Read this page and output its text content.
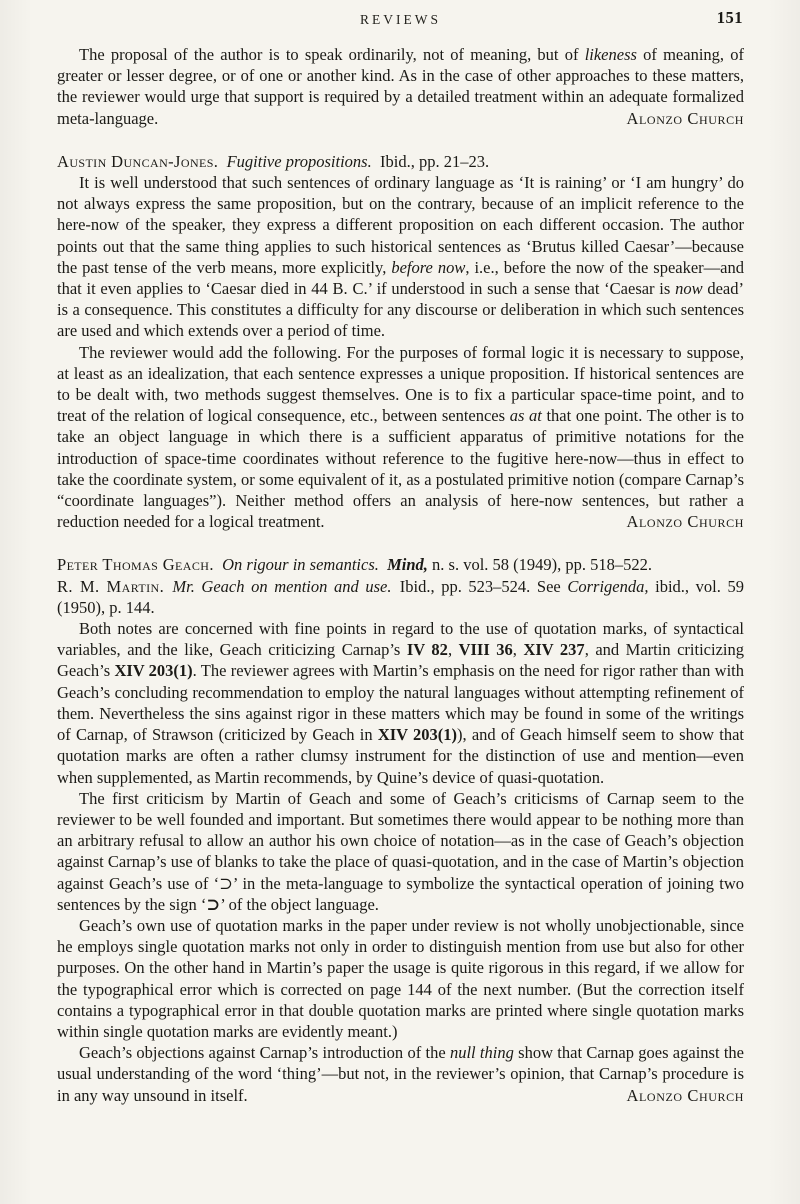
REVIEWS	151

The proposal of the author is to speak ordinarily, not of meaning, but of likeness of meaning, of greater or lesser degree, or of one or another kind. As in the case of other approaches to these matters, the reviewer would urge that support is required by a detailed treatment within an adequate formalized meta-language.	Alonzo Church

Austin Duncan-Jones.  Fugitive propositions. Ibid., pp. 21–23.

It is well understood that such sentences of ordinary language as ‘It is raining’ or ‘I am hungry’ do not always express the same proposition, but on the contrary, because of an implicit reference to the here-now of the speaker, they express a different proposition on each different occasion. The author points out that the same thing applies to such historical sentences as ‘Brutus killed Caesar’—because the past tense of the verb means, more explicitly, before now, i.e., before the now of the speaker—and that it even applies to ‘Caesar died in 44 B. C.’ if understood in such a sense that ‘Caesar is now dead’ is a consequence. This constitutes a difficulty for any discourse or deliberation in which such sentences are used and which extends over a period of time.

The reviewer would add the following. For the purposes of formal logic it is necessary to suppose, at least as an idealization, that each sentence expresses a unique proposition. If historical sentences are to be dealt with, two methods suggest themselves. One is to fix a particular space-time point, and to treat of the relation of logical consequence, etc., between sentences as at that one point. The other is to take an object language in which there is a sufficient apparatus of primitive notations for the introduction of space-time coordinates without reference to the fugitive here-now—thus in effect to take the coordinate system, or some equivalent of it, as a postulated primitive notion (compare Carnap’s “coordinate languages”). Neither method offers an analysis of here-now sentences, but rather a reduction needed for a logical treatment.	Alonzo Church

Peter Thomas Geach.  On rigour in semantics.  Mind, n. s. vol. 58 (1949), pp. 518–522.

R. M. Martin.  Mr. Geach on mention and use. Ibid., pp. 523–524. See Corrigenda, ibid., vol. 59 (1950), p. 144.

Both notes are concerned with fine points in regard to the use of quotation marks, of syntactical variables, and the like, Geach criticizing Carnap’s IV 82, VIII 36, XIV 237, and Martin criticizing Geach’s XIV 203(1). The reviewer agrees with Martin’s emphasis on the need for rigor rather than with Geach’s concluding recommendation to employ the natural languages without attempting refinement of them. Nevertheless the sins against rigor in these matters which may be found in some of the writings of Carnap, of Strawson (criticized by Geach in XIV 203(1)), and of Geach himself seem to show that quotation marks are often a rather clumsy instrument for the distinction of use and mention—even when supplemented, as Martin recommends, by Quine’s device of quasi-quotation.

The first criticism by Martin of Geach and some of Geach’s criticisms of Carnap seem to the reviewer to be well founded and important. But sometimes there would appear to be nothing more than an arbitrary refusal to allow an author his own choice of notation—as in the case of Geach’s objection against Carnap’s use of blanks to take the place of quasi-quotation, and in the case of Martin’s objection against Geach’s use of ‘⊃’ in the meta-language to symbolize the syntactical operation of joining two sentences by the sign ‘⊃’ of the object language.

Geach’s own use of quotation marks in the paper under review is not wholly unobjectionable, since he employs single quotation marks not only in order to distinguish mention from use but also for other purposes. On the other hand in Martin’s paper the usage is quite rigorous in this regard, if we allow for the typographical error which is corrected on page 144 of the next number. (But the correction itself contains a typographical error in that double quotation marks are printed where single quotation marks within single quotation marks are evidently meant.)

Geach’s objections against Carnap’s introduction of the null thing show that Carnap goes against the usual understanding of the word ‘thing’—but not, in the reviewer’s opinion, that Carnap’s procedure is in any way unsound in itself.	Alonzo Church
